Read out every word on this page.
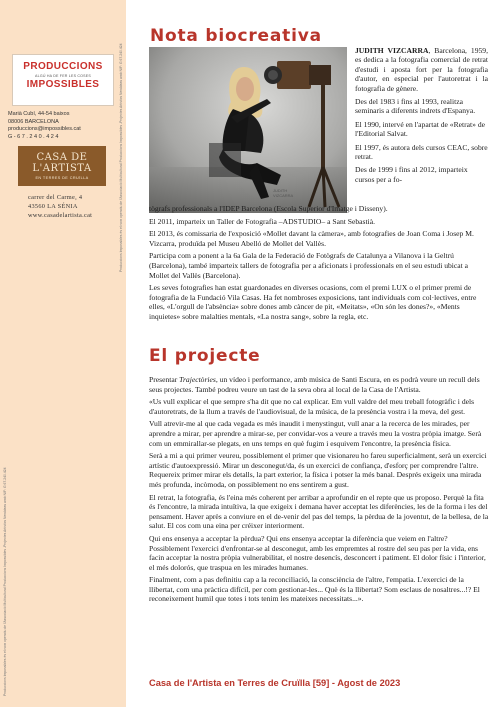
PRODUCCIONS
ALGÚ HA DE FER LES COSES
IMPOSSIBLES
Marià Cubí, 44-54 baixos
08006 BARCELONA
produccions@impossibles.cat
G - 6 7 . 2 4 0 . 4 2 4
CASA DE
L'ARTISTA
EN TERRES DE CRUÏLLA
carrer del Carme, 4
43560 LA SÉNIA
www.casadelartista.cat
Produccions Impossibles és el nom operatiu de l'Associació Multicultural Produccions Impossibles -Projectes Artístics NewIdeas amb NIF: G 67.240.424
Produccions Impossibles és el nom operatiu de l'Associació Multicultural Produccions Impossibles -Projectes Artístics NewIdeas amb NIF: G 67.240.424
Nota biocreativa
JUDITH
VIZCARRA

JUDITH VIZCARRA, Barcelona, 1959, es dedica a la fotografia comercial de retrat d'estudi i aposta fort per la fotografia d'autor, en especial per l'autoretrat i la fotografia de gènere.

Des del 1983 i fins al 1993, realitza seminaris a diferents indrets d'Espanya.

El 1990, intervé en l'apartat de «Retrat» de l'Editorial Salvat.

El 1997, és autora dels cursos CEAC, sobre retrat.

Des de 1999 i fins al 2012, imparteix cursos per a fo-

tògrafs professionals a l'IDEP Barcelona (Escola Superior d'Imatge i Disseny).

El 2011, imparteix un Taller de Fotografia –ADSTUDIO– a Sant Sebastià.

El 2013, és comissaria de l'exposició «Mollet davant la càmera», amb fotografies de Joan Coma i Josep M. Vizcarra, produïda pel Museu Abelló de Mollet del Vallès.

Participa com a ponent a la 6a Gala de la Federació de Fotògrafs de Catalunya a Vilanova i la Geltrú (Barcelona), també imparteix tallers de fotografia per a aficionats i professionals en el seu estudi ubicat a Mollet del Vallès (Barcelona).

Les seves fotografies han estat guardonades en diverses ocasions, com el premi LUX o el primer premi de fotografia de la Fundació Vila Casas. Ha fet nombroses exposicions, tant individuals com col·lectives, entre elles, «L'orgull de l'absència» sobre dones amb càncer de pit, «Meitats», «On són les dones?», «Ments inquietes» sobre malalties mentals, «La nostra sang», sobre la regla, etc.

El projecte

Presentar Trajectòries, un vídeo i performance, amb música de Santi Escura, en es podrà veure un recull dels seus projectes. També podreu veure un tast de la seva obra al local de la Casa de l'Artista.

«Us vull explicar el que sempre s'ha dit que no cal explicar. Em vull valdre del meu treball fotogràfic i dels d'autoretrats, de la llum a través de l'audiovisual, de la música, de la presència vostra i la meva, del gest.

Vull atrevir-me al que cada vegada es més inaudit i menystingut, vull anar a la recerca de les mirades, per aprendre a mirar, per aprendre a mirar-se, per convidar-vos a veure a través meu la vostra pròpia imatge. Serà com un emmirallar-se plegats, en uns temps en què fugim i esquivem l'encontre, la presència física.

Serà a mi a qui primer veureu, possiblement el primer que visionareu ho fareu superficialment, serà un exercici artístic d'autoexpressió. Mirar un desconegut/da, és un exercici de confiança, d'esforç per comprendre l'altre. Requereix primer mirar els detalls, la part exterior, la física i potser la més banal. Després exigeix una mirada més profunda, incòmoda, on possiblement no ens sentirem a gust.

El retrat, la fotografia, és l'eina més coherent per arribar a aprofundir en el repte que us proposo. Perquè la fita és l'encontre, la mirada intuïtiva, la que exigeix i demana haver acceptat les diferències, les de la forma i les del pensament. Haver après a conviure en el de-venir del pas del temps, la pèrdua de la joventut, de la bellesa, de la salut. El cos com una eina per créixer interiorment.

Qui ens ensenya a acceptar la pèrdua? Qui ens ensenya acceptar la diferència que veiem en l'altre? Possiblement l'exercici d'enfrontar-se al desconegut, amb les empremtes al rostre del seu pas per la vida, ens facin acceptar la nostra pròpia vulnerabilitat, el nostre desencís, desconcert i patiment. El dolor físic i l'interior, el més dolorós, que traspua en les mirades humanes.

Finalment, com a pas definitiu cap a la reconciliació, la consciència de l'altre, l'empatia. L'exercici de la llibertat, com una pràctica difícil, per com gestionar-les... Què és la llibertat? Som esclaus de nosaltres...!? El reconeixement humil que totes i tots tenim les mateixes necessitats...».

Casa de l'Artista en Terres de Cruïlla [59] - Agost de 2023
